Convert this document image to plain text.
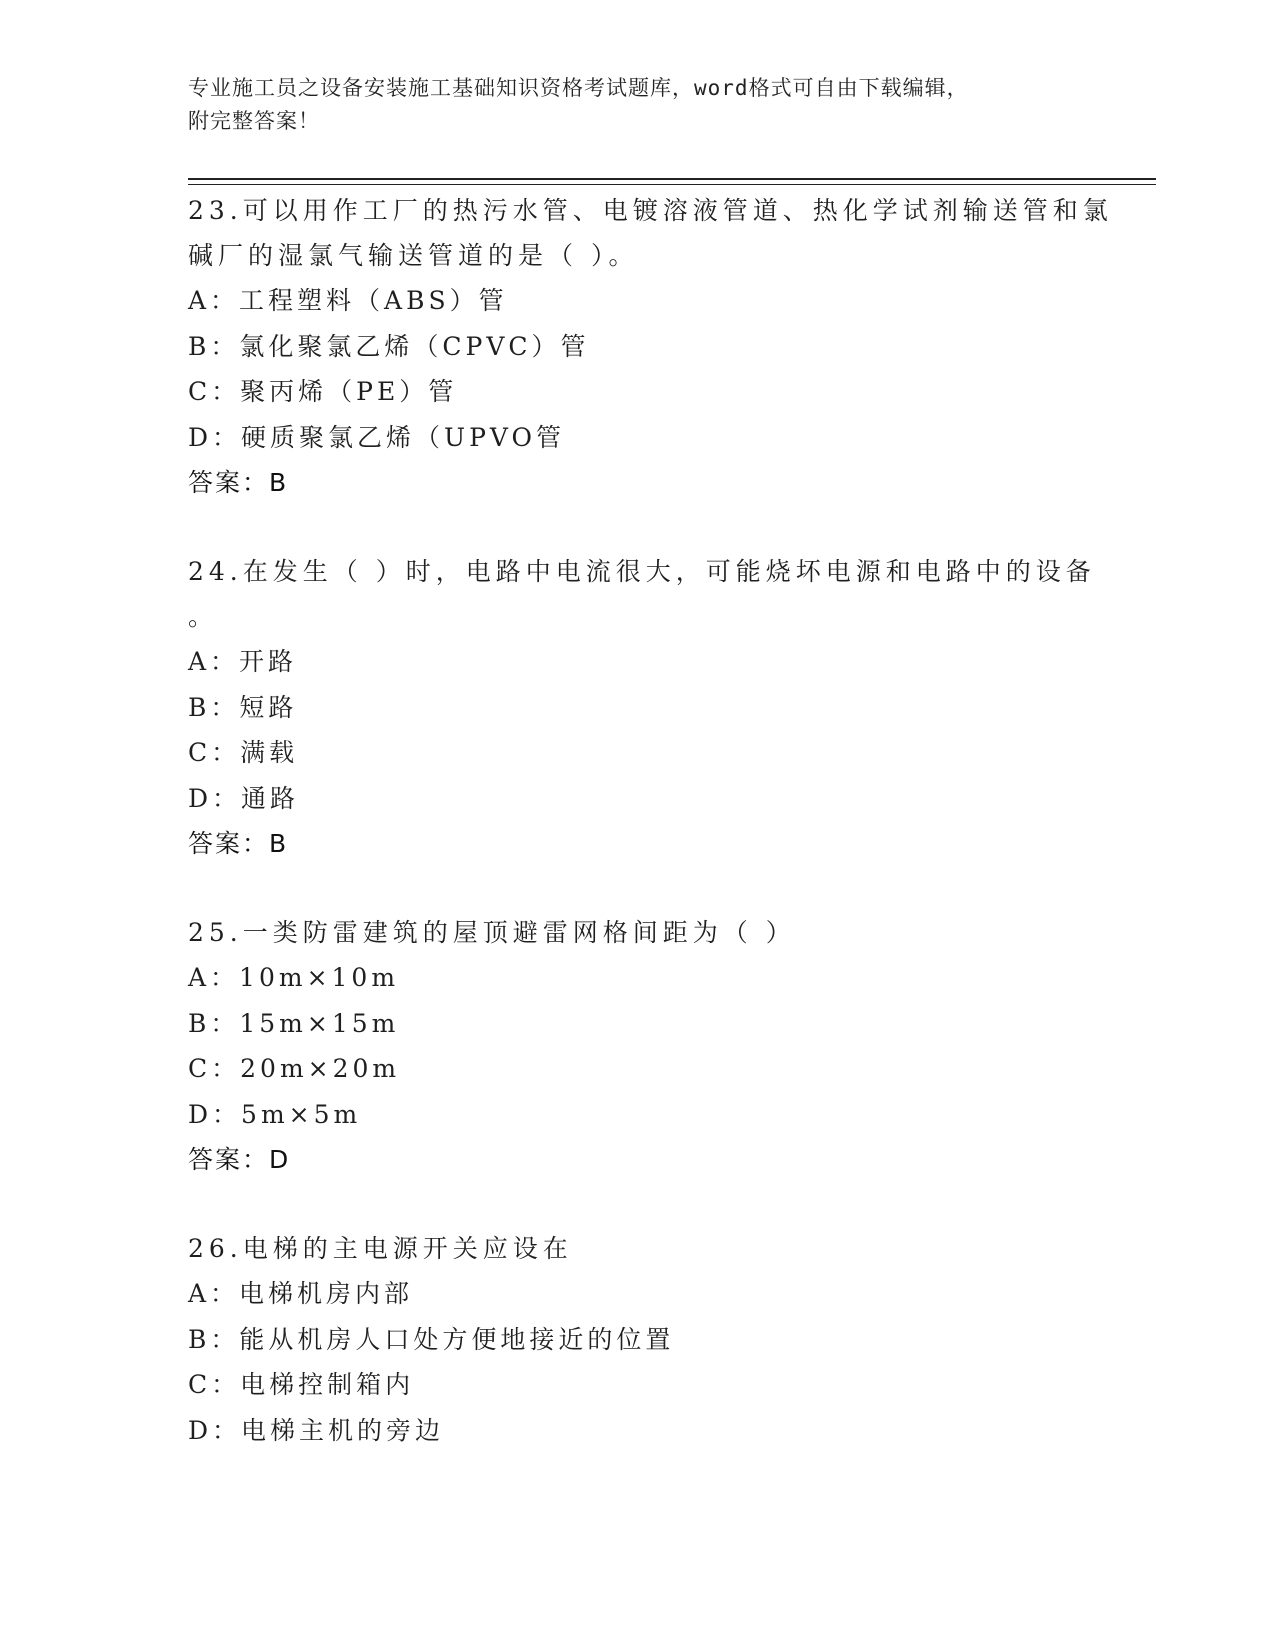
专业施工员之设备安装施工基础知识资格考试题库，word格式可自由下载编辑，
附完整答案！
23.可以用作工厂的热污水管、电镀溶液管道、热化学试剂输送管和氯
碱厂的湿氯气输送管道的是（ ）。
A：工程塑料（ABS）管
B：氯化聚氯乙烯（CPVC）管
C：聚丙烯（PE）管
D：硬质聚氯乙烯（UPVO管
答案：B
24.在发生（ ）时，电路中电流很大，可能烧坏电源和电路中的设备
。
A：开路
B：短路
C：满载
D：通路
答案：B
25.一类防雷建筑的屋顶避雷网格间距为（ ）
A：10m×10m
B：15m×15m
C：20m×20m
D：5m×5m
答案：D
26.电梯的主电源开关应设在
A：电梯机房内部
B：能从机房人口处方便地接近的位置
C：电梯控制箱内
D：电梯主机的旁边
